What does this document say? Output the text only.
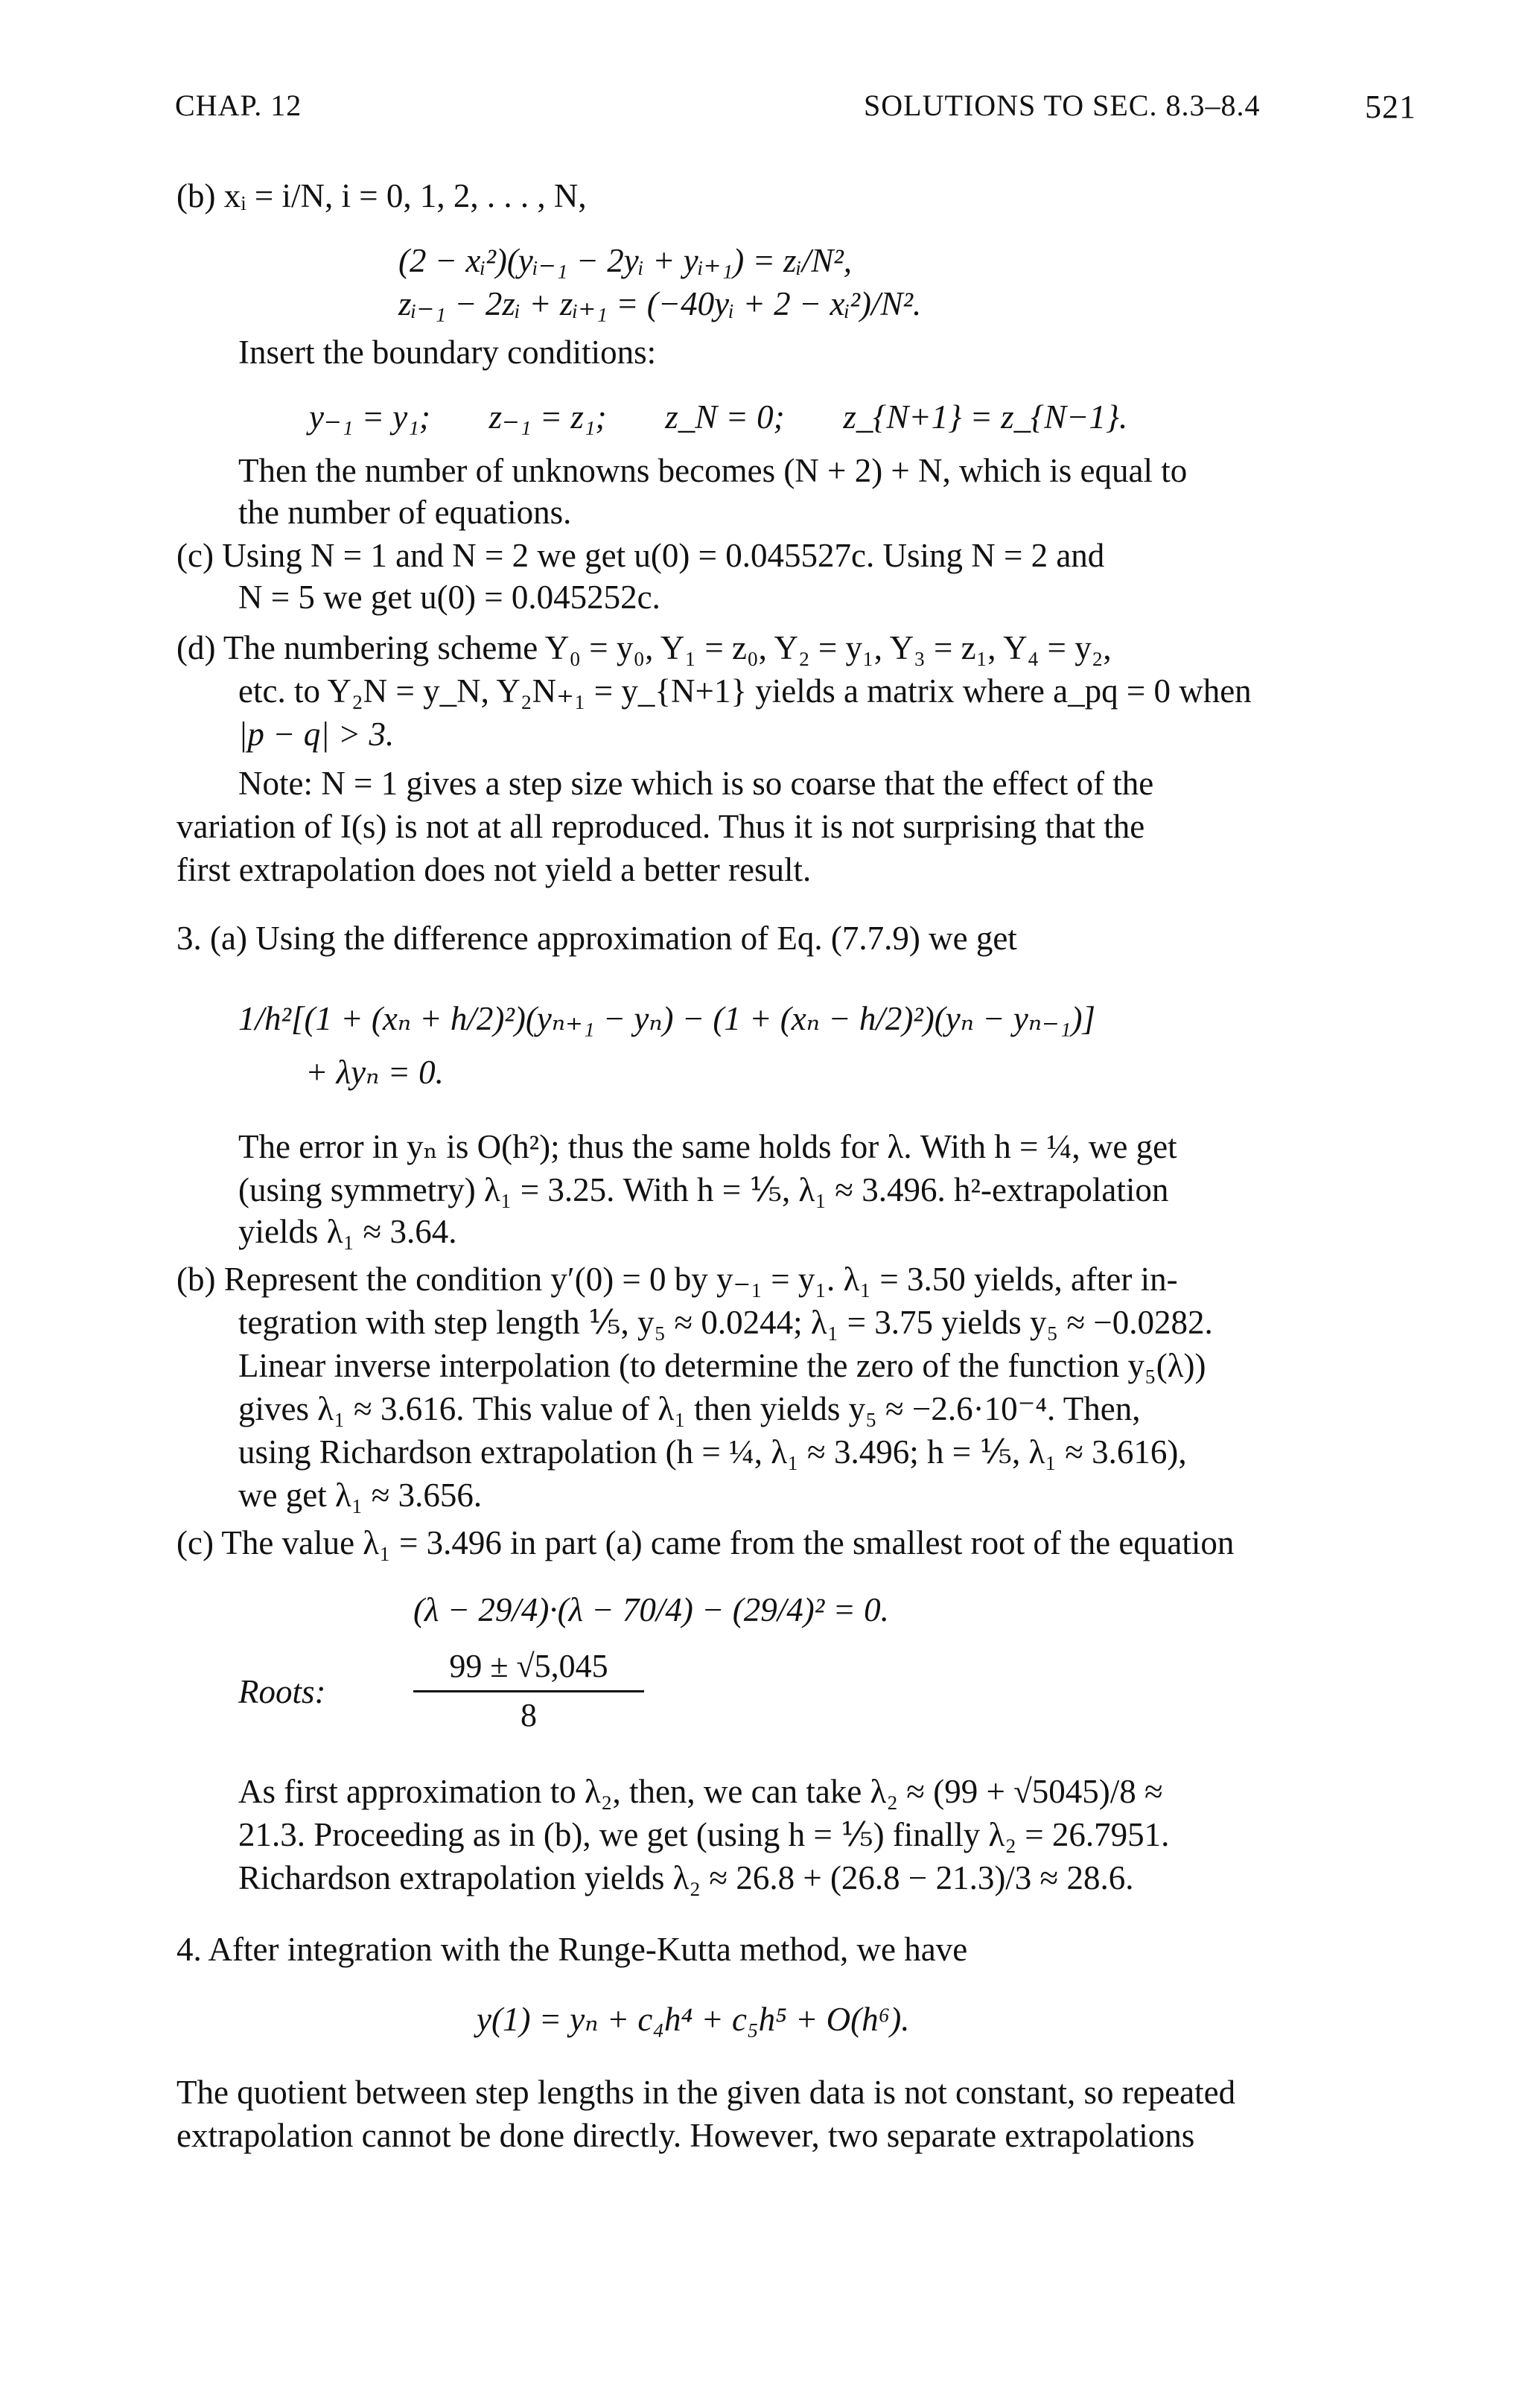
CHAP. 12	SOLUTIONS TO SEC. 8.3–8.4	521
(b) xᵢ = i/N, i = 0, 1, 2, . . . , N,
(2 − xᵢ²)(yᵢ₋₁ − 2yᵢ + yᵢ₊₁) = zᵢ/N²,
zᵢ₋₁ − 2zᵢ + zᵢ₊₁ = (−40yᵢ + 2 − xᵢ²)/N².
Insert the boundary conditions:
y₋₁ = y₁;       z₋₁ = z₁;       z_N = 0;       z_{N+1} = z_{N−1}.
Then the number of unknowns becomes (N + 2) + N, which is equal to
the number of equations.
(c) Using N = 1 and N = 2 we get u(0) = 0.045527c. Using N = 2 and
N = 5 we get u(0) = 0.045252c.
(d) The numbering scheme Y₀ = y₀, Y₁ = z₀, Y₂ = y₁, Y₃ = z₁, Y₄ = y₂,
etc. to Y₂N = y_N, Y₂N₊₁ = y_{N+1} yields a matrix where a_pq = 0 when
|p − q| > 3.
Note: N = 1 gives a step size which is so coarse that the effect of the
variation of I(s) is not at all reproduced. Thus it is not surprising that the
first extrapolation does not yield a better result.
3. (a) Using the difference approximation of Eq. (7.7.9) we get
1/h²[(1 + (xₙ + h/2)²)(yₙ₊₁ − yₙ) − (1 + (xₙ − h/2)²)(yₙ − yₙ₋₁)]
+ λyₙ = 0.
The error in yₙ is O(h²); thus the same holds for λ. With h = ¼, we get
(using symmetry) λ₁ = 3.25. With h = ⅕, λ₁ ≈ 3.496. h²-extrapolation
yields λ₁ ≈ 3.64.
(b) Represent the condition y′(0) = 0 by y₋₁ = y₁. λ₁ = 3.50 yields, after in-
tegration with step length ⅕, y₅ ≈ 0.0244; λ₁ = 3.75 yields y₅ ≈ −0.0282.
Linear inverse interpolation (to determine the zero of the function y₅(λ))
gives λ₁ ≈ 3.616. This value of λ₁ then yields y₅ ≈ −2.6·10⁻⁴. Then,
using Richardson extrapolation (h = ¼, λ₁ ≈ 3.496; h = ⅕, λ₁ ≈ 3.616),
we get λ₁ ≈ 3.656.
(c) The value λ₁ = 3.496 in part (a) came from the smallest root of the equation
(λ − 29/4)·(λ − 70/4) − (29/4)² = 0.
Roots:
99 ± √5,045
8
As first approximation to λ₂, then, we can take λ₂ ≈ (99 + √5045)/8 ≈
21.3. Proceeding as in (b), we get (using h = ⅕) finally λ₂ = 26.7951.
Richardson extrapolation yields λ₂ ≈ 26.8 + (26.8 − 21.3)/3 ≈ 28.6.
4. After integration with the Runge-Kutta method, we have
y(1) = yₙ + c₄h⁴ + c₅h⁵ + O(h⁶).
The quotient between step lengths in the given data is not constant, so repeated
extrapolation cannot be done directly. However, two separate extrapolations
